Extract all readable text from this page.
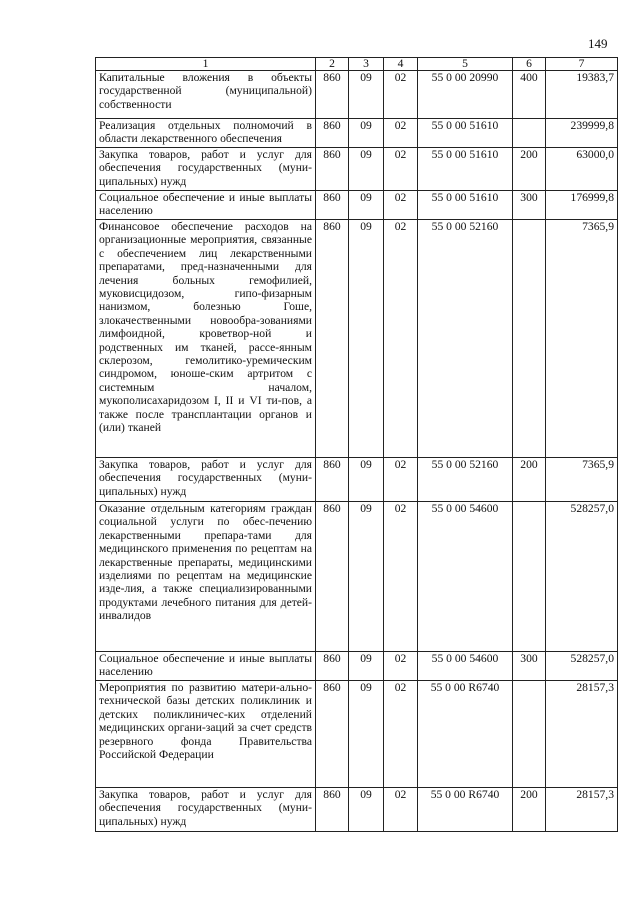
149
1	2	3	4	5	6	7
Капитальные вложения в объекты государственной (муниципальной) собственности	860	09	02	55 0 00 20990	400	19383,7
Реализация отдельных полномочий в области лекарственного обеспечения	860	09	02	55 0 00 51610		239999,8
Закупка товаров, работ и услуг для обеспечения государственных (муни-ципальных) нужд	860	09	02	55 0 00 51610	200	63000,0
Социальное обеспечение и иные выплаты населению	860	09	02	55 0 00 51610	300	176999,8
Финансовое обеспечение расходов на организационные мероприятия, связанные с обеспечением лиц лекарственными препаратами, пред-назначенными для лечения больных гемофилией, муковисцидозом, гипо-физарным нанизмом, болезнью Гоше, злокачественными новообра-зованиями лимфоидной, кроветвор-ной и родственных им тканей, рассе-янным склерозом, гемолитико-уремическим синдромом, юноше-ским артритом с системным началом, мукополисахаридозом I, II и VI ти-пов, а также после трансплантации органов и (или) тканей	860	09	02	55 0 00 52160		7365,9
Закупка товаров, работ и услуг для обеспечения государственных (муни-ципальных) нужд	860	09	02	55 0 00 52160	200	7365,9
Оказание отдельным категориям граждан социальной услуги по обес-печению лекарственными препара-тами для медицинского применения по рецептам на лекарственные препараты, медицинскими изделиями по рецептам на медицинские изде-лия, а также специализированными продуктами лечебного питания для детей-инвалидов	860	09	02	55 0 00 54600		528257,0
Социальное обеспечение и иные выплаты населению	860	09	02	55 0 00 54600	300	528257,0
Мероприятия по развитию матери-ально-технической базы детских поликлиник и детских поликлиничес-ких отделений медицинских органи-заций за счет средств резервного фонда Правительства Российской Федерации	860	09	02	55 0 00 R6740		28157,3
Закупка товаров, работ и услуг для обеспечения государственных (муни-ципальных) нужд	860	09	02	55 0 00 R6740	200	28157,3
